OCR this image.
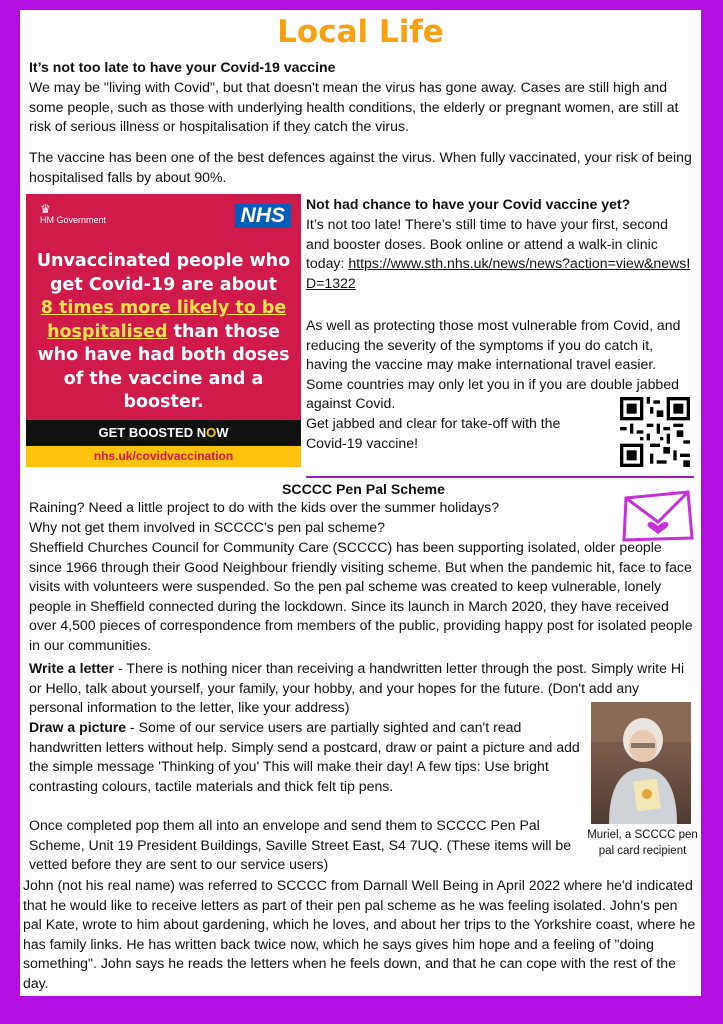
Local Life
It’s not too late to have your Covid-19 vaccine
We may be "living with Covid", but that doesn't mean the virus has gone away. Cases are still high and some people, such as those with underlying health conditions, the elderly or pregnant women, are still at risk of serious illness or hospitalisation if they catch the virus.
The vaccine has been one of the best defences against the virus. When fully vaccinated, your risk of being hospitalised falls by about 90%.
♛
HM Government	NHS
Unvaccinated people who get Covid-19 are about
8 times more likely to be
hospitalised than those who have had both doses of the vaccine and a booster.
GET BOOSTED NOW
nhs.uk/covidvaccination
Not had chance to have your Covid vaccine yet?
It’s not too late! There’s still time to have your first, second and booster doses. Book online or attend a walk-in clinic today: https://www.sth.nhs.uk/news/news?action=view&newsID=1322
As well as protecting those most vulnerable from Covid, and reducing the severity of the symptoms if you do catch it, having the vaccine may make international travel easier. Some countries may only let you in if you are double jabbed against Covid.
Get jabbed and clear for take-off with the Covid-19 vaccine!
SCCCC Pen Pal Scheme
Raining? Need a little project to do with the kids over the summer holidays?
Why not get them involved in SCCCC's pen pal scheme?
Sheffield Churches Council for Community Care (SCCCC) has been supporting isolated, older people since 1966 through their Good Neighbour friendly visiting scheme. But when the pandemic hit, face to face visits with volunteers were suspended. So the pen pal scheme was created to keep vulnerable, lonely people in Sheffield connected during the lockdown. Since its launch in March 2020, they have received over 4,500 pieces of correspondence from members of the public, providing happy post for isolated people in our communities.
Write a letter - There is nothing nicer than receiving a handwritten letter through the post. Simply write Hi or Hello, talk about yourself, your family, your hobby, and your hopes for the future. (Don't add any personal information to the letter, like your address)
Draw a picture - Some of our service users are partially sighted and can't read handwritten letters without help. Simply send a postcard, draw or paint a picture and add the simple message 'Thinking of you' This will make their day! A few tips: Use bright contrasting colours, tactile materials and thick felt tip pens.
Once completed pop them all into an envelope and send them to SCCCC Pen Pal Scheme, Unit 19 President Buildings, Saville Street East, S4 7UQ. (These items will be vetted before they are sent to our service users)
Muriel, a SCCCC pen pal card recipient
John (not his real name) was referred to SCCCC from Darnall Well Being in April 2022 where he'd indicated that he would like to receive letters as part of their pen pal scheme as he was feeling isolated. John's pen pal Kate, wrote to him about gardening, which he loves, and about her trips to the Yorkshire coast, where he has family links. He has written back twice now, which he says gives him hope and a feeling of "doing something". John says he reads the letters when he feels down, and that he can cope with the rest of the day.
